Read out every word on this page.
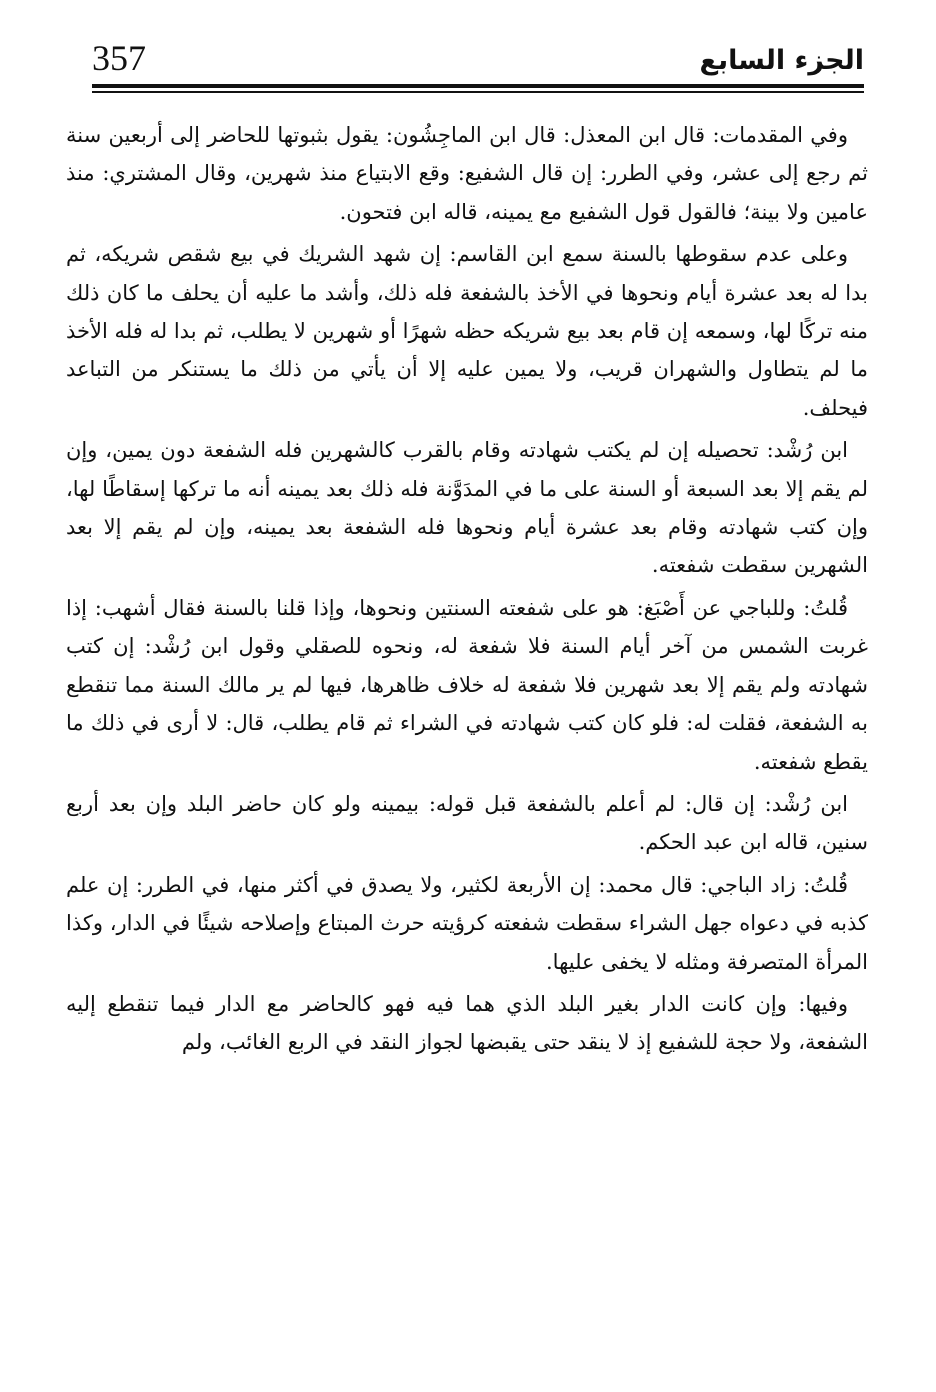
357	الجزء السابع

وفي المقدمات: قال ابن المعذل: قال ابن الماجِشُون: يقول بثبوتها للحاضر إلى أربعين سنة ثم رجع إلى عشر، وفي الطرر: إن قال الشفيع: وقع الابتياع منذ شهرين، وقال المشتري: منذ عامين ولا بينة؛ فالقول قول الشفيع مع يمينه، قاله ابن فتحون.

وعلى عدم سقوطها بالسنة سمع ابن القاسم: إن شهد الشريك في بيع شقص شريكه، ثم بدا له بعد عشرة أيام ونحوها في الأخذ بالشفعة فله ذلك، وأشد ما عليه أن يحلف ما كان ذلك منه تركًا لها، وسمعه إن قام بعد بيع شريكه حظه شهرًا أو شهرين لا يطلب، ثم بدا له فله الأخذ ما لم يتطاول والشهران قريب، ولا يمين عليه إلا أن يأتي من ذلك ما يستنكر من التباعد فيحلف.

ابن رُشْد: تحصيله إن لم يكتب شهادته وقام بالقرب كالشهرين فله الشفعة دون يمين، وإن لم يقم إلا بعد السبعة أو السنة على ما في المدَوَّنة فله ذلك بعد يمينه أنه ما تركها إسقاطًا لها، وإن كتب شهادته وقام بعد عشرة أيام ونحوها فله الشفعة بعد يمينه، وإن لم يقم إلا بعد الشهرين سقطت شفعته.

قُلتُ: وللباجي عن أَصْبَغ: هو على شفعته السنتين ونحوها، وإذا قلنا بالسنة فقال أشهب: إذا غربت الشمس من آخر أيام السنة فلا شفعة له، ونحوه للصقلي وقول ابن رُشْد: إن كتب شهادته ولم يقم إلا بعد شهرين فلا شفعة له خلاف ظاهرها، فيها لم ير مالك السنة مما تنقطع به الشفعة، فقلت له: فلو كان كتب شهادته في الشراء ثم قام يطلب، قال: لا أرى في ذلك ما يقطع شفعته.

ابن رُشْد: إن قال: لم أعلم بالشفعة قبل قوله: بيمينه ولو كان حاضر البلد وإن بعد أربع سنين، قاله ابن عبد الحكم.

قُلتُ: زاد الباجي: قال محمد: إن الأربعة لكثير، ولا يصدق في أكثر منها، في الطرر: إن علم كذبه في دعواه جهل الشراء سقطت شفعته كرؤيته حرث المبتاع وإصلاحه شيئًا في الدار، وكذا المرأة المتصرفة ومثله لا يخفى عليها.

وفيها: وإن كانت الدار بغير البلد الذي هما فيه فهو كالحاضر مع الدار فيما تنقطع إليه الشفعة، ولا حجة للشفيع إذ لا ينقد حتى يقبضها لجواز النقد في الربع الغائب، ولم
